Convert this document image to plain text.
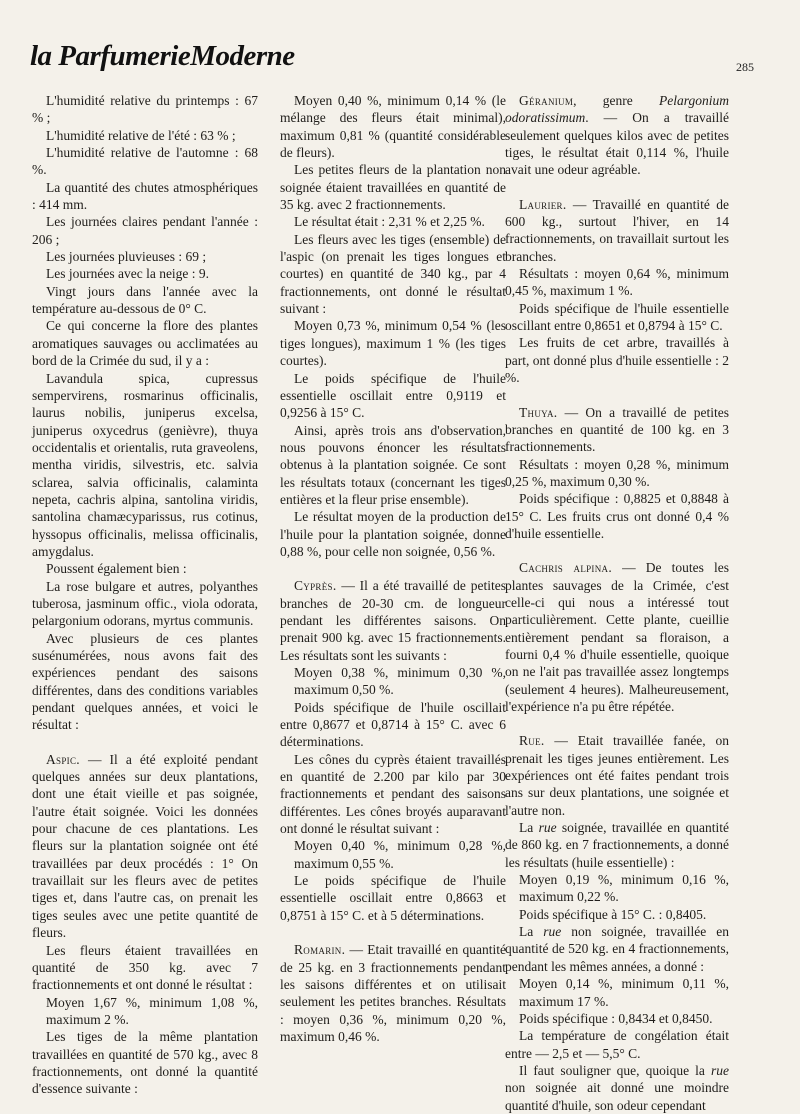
la ParfumerieModerne	285

L'humidité relative du printemps : 67 % ;

L'humidité relative de l'été : 63 % ;

L'humidité relative de l'automne : 68 %.

La quantité des chutes atmosphériques : 414 mm.

Les journées claires pendant l'année : 206 ;

Les journées pluvieuses : 69 ;

Les journées avec la neige : 9.

Vingt jours dans l'année avec la température au-dessous de 0° C.

Ce qui concerne la flore des plantes aromatiques sauvages ou acclimatées au bord de la Crimée du sud, il y a :

Lavandula spica, cupressus sempervirens, rosmarinus officinalis, laurus nobilis, juniperus excelsa, juniperus oxycedrus (genièvre), thuya occidentalis et orientalis, ruta graveolens, mentha viridis, silvestris, etc. salvia sclarea, salvia officinalis, calaminta nepeta, cachris alpina, santolina viridis, santolina chamæcyparissus, rus cotinus, hyssopus officinalis, melissa officinalis, amygdalus.

Poussent également bien :

La rose bulgare et autres, polyanthes tuberosa, jasminum offic., viola odorata, pelargonium odorans, myrtus communis.

Avec plusieurs de ces plantes susénumérées, nous avons fait des expériences pendant des saisons différentes, dans des conditions variables pendant quelques années, et voici le résultat :

Aspic. — Il a été exploité pendant quelques années sur deux plantations, dont une était vieille et pas soignée, l'autre était soignée. Voici les données pour chacune de ces plantations. Les fleurs sur la plantation soignée ont été travaillées par deux procédés : 1° On travaillait sur les fleurs avec de petites tiges et, dans l'autre cas, on prenait les tiges seules avec une petite quantité de fleurs.

Les fleurs étaient travaillées en quantité de 350 kg. avec 7 fractionnements et ont donné le résultat :

Moyen 1,67 %, minimum 1,08 %, maximum 2 %.

Les tiges de la même plantation travaillées en quantité de 570 kg., avec 8 fractionnements, ont donné la quantité d'essence suivante :

Moyen 0,40 %, minimum 0,14 % (le mélange des fleurs était minimal), maximum 0,81 % (quantité considérable de fleurs).

Les petites fleurs de la plantation non soignée étaient travaillées en quantité de 35 kg. avec 2 fractionnements.

Le résultat était : 2,31 % et 2,25 %.

Les fleurs avec les tiges (ensemble) de l'aspic (on prenait les tiges longues et courtes) en quantité de 340 kg., par 4 fractionnements, ont donné le résultat suivant :

Moyen 0,73 %, minimum 0,54 % (les tiges longues), maximum 1 % (les tiges courtes).

Le poids spécifique de l'huile essentielle oscillait entre 0,9119 et 0,9256 à 15° C.

Ainsi, après trois ans d'observation, nous pouvons énoncer les résultats obtenus à la plantation soignée. Ce sont les résultats totaux (concernant les tiges entières et la fleur prise ensemble).

Le résultat moyen de la production de l'huile pour la plantation soignée, donne 0,88 %, pour celle non soignée, 0,56 %.

Cyprès. — Il a été travaillé de petites branches de 20-30 cm. de longueur pendant les différentes saisons. On prenait 900 kg. avec 15 fractionnements. Les résultats sont les suivants :

Moyen 0,38 %, minimum 0,30 %, maximum 0,50 %.

Poids spécifique de l'huile oscillait entre 0,8677 et 0,8714 à 15° C. avec 6 déterminations.

Les cônes du cyprès étaient travaillés en quantité de 2.200 par kilo par 30 fractionnements et pendant des saisons différentes. Les cônes broyés auparavant ont donné le résultat suivant :

Moyen 0,40 %, minimum 0,28 %, maximum 0,55 %.

Le poids spécifique de l'huile essentielle oscillait entre 0,8663 et 0,8751 à 15° C. et à 5 déterminations.

Romarin. — Etait travaillé en quantité de 25 kg. en 3 fractionnements pendant les saisons différentes et on utilisait seulement les petites branches. Résultats : moyen 0,36 %, minimum 0,20 %, maximum 0,46 %.

Géranium, genre Pelargonium odoratissimum. — On a travaillé seulement quelques kilos avec de petites tiges, le résultat était 0,114 %, l'huile avait une odeur agréable.

Laurier. — Travaillé en quantité de 600 kg., surtout l'hiver, en 14 fractionnements, on travaillait surtout les branches.

Résultats : moyen 0,64 %, minimum 0,45 %, maximum 1 %.

Poids spécifique de l'huile essentielle oscillant entre 0,8651 et 0,8794 à 15° C.

Les fruits de cet arbre, travaillés à part, ont donné plus d'huile essentielle : 2 %.

Thuya. — On a travaillé de petites branches en quantité de 100 kg. en 3 fractionnements.

Résultats : moyen 0,28 %, minimum 0,25 %, maximum 0,30 %.

Poids spécifique : 0,8825 et 0,8848 à 15° C. Les fruits crus ont donné 0,4 % d'huile essentielle.

Cachris alpina. — De toutes les plantes sauvages de la Crimée, c'est celle-ci qui nous a intéressé tout particulièrement. Cette plante, cueillie entièrement pendant sa floraison, a fourni 0,4 % d'huile essentielle, quoique on ne l'ait pas travaillée assez longtemps (seulement 4 heures). Malheureusement, l'expérience n'a pu être répétée.

Rue. — Etait travaillée fanée, on prenait les tiges jeunes entièrement. Les expériences ont été faites pendant trois ans sur deux plantations, une soignée et l'autre non.

La rue soignée, travaillée en quantité de 860 kg. en 7 fractionnements, a donné les résultats (huile essentielle) :

Moyen 0,19 %, minimum 0,16 %, maximum 0,22 %.

Poids spécifique à 15° C. : 0,8405.

La rue non soignée, travaillée en quantité de 520 kg. en 4 fractionnements, pendant les mêmes années, a donné :

Moyen 0,14 %, minimum 0,11 %, maximum 17 %.

Poids spécifique : 0,8434 et 0,8450.

La température de congélation était entre — 2,5 et — 5,5° C.

Il faut souligner que, quoique la rue non soignée ait donné une moindre quantité d'huile, son odeur cependant
